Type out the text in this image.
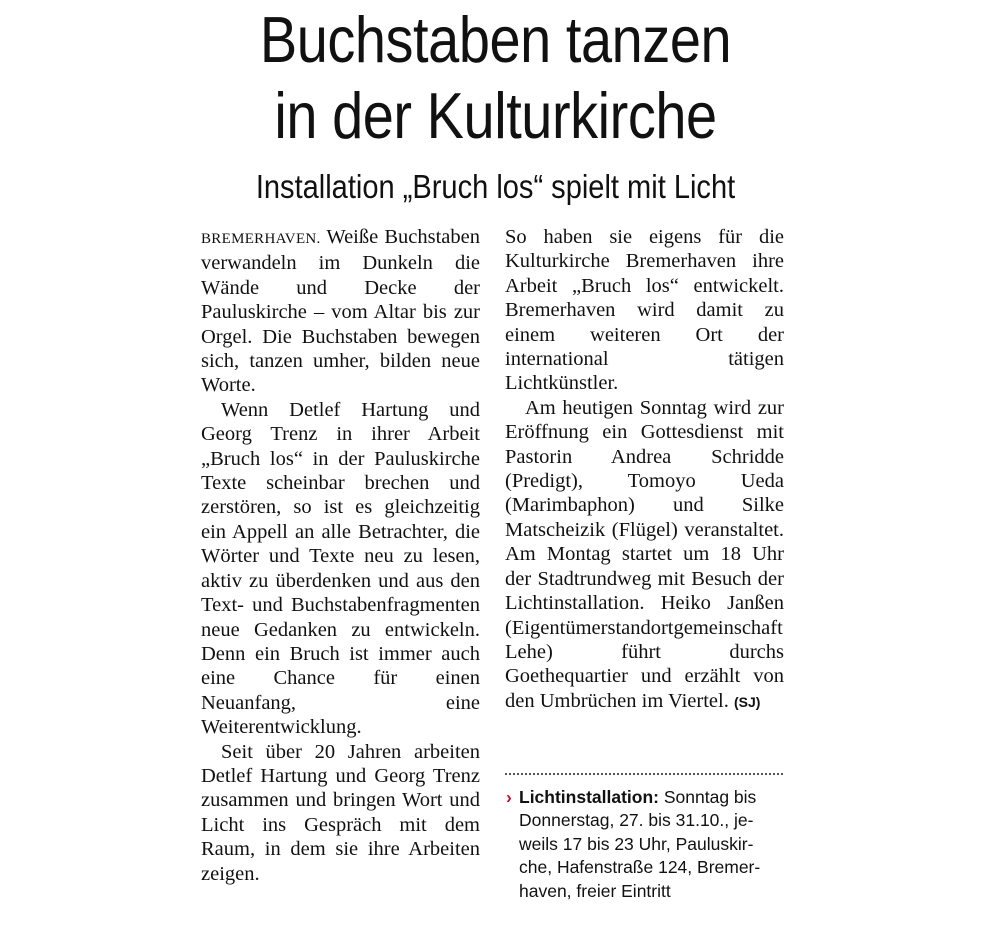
Buchstaben tanzen
in der Kulturkirche
Installation „Bruch los“ spielt mit Licht

BREMERHAVEN. Weiße Buchstaben verwandeln im Dunkeln die Wände und Decke der Pauluskirche – vom Altar bis zur Orgel. Die Buchstaben bewegen sich, tanzen umher, bilden neue Worte.

Wenn Detlef Hartung und Georg Trenz in ihrer Arbeit „Bruch los“ in der Pauluskirche Texte scheinbar brechen und zerstören, so ist es gleichzeitig ein Appell an alle Betrachter, die Wörter und Texte neu zu lesen, aktiv zu überdenken und aus den Text- und Buchstabenfragmenten neue Gedanken zu entwickeln. Denn ein Bruch ist immer auch eine Chance für einen Neuanfang, eine Weiterentwicklung.

Seit über 20 Jahren arbeiten Detlef Hartung und Georg Trenz zusammen und bringen Wort und Licht ins Gespräch mit dem Raum, in dem sie ihre Arbeiten zeigen.

So haben sie eigens für die Kulturkirche Bremerhaven ihre Arbeit „Bruch los“ entwickelt. Bremerhaven wird damit zu einem weiteren Ort der international tätigen Lichtkünstler.

Am heutigen Sonntag wird zur Eröffnung ein Gottesdienst mit Pastorin Andrea Schridde (Predigt), Tomoyo Ueda (Marimbaphon) und Silke Matscheizik (Flügel) veranstaltet. Am Montag startet um 18 Uhr der Stadtrundweg mit Besuch der Lichtinstallation. Heiko Janßen (Eigentümerstandortgemeinschaft Lehe) führt durchs Goethequartier und erzählt von den Umbrüchen im Viertel. (SJ)

› Lichtinstallation: Sonntag bis
Donnerstag, 27. bis 31.10., je-
weils 17 bis 23 Uhr, Pauluskir-
che, Hafenstraße 124, Bremer-
haven, freier Eintritt
